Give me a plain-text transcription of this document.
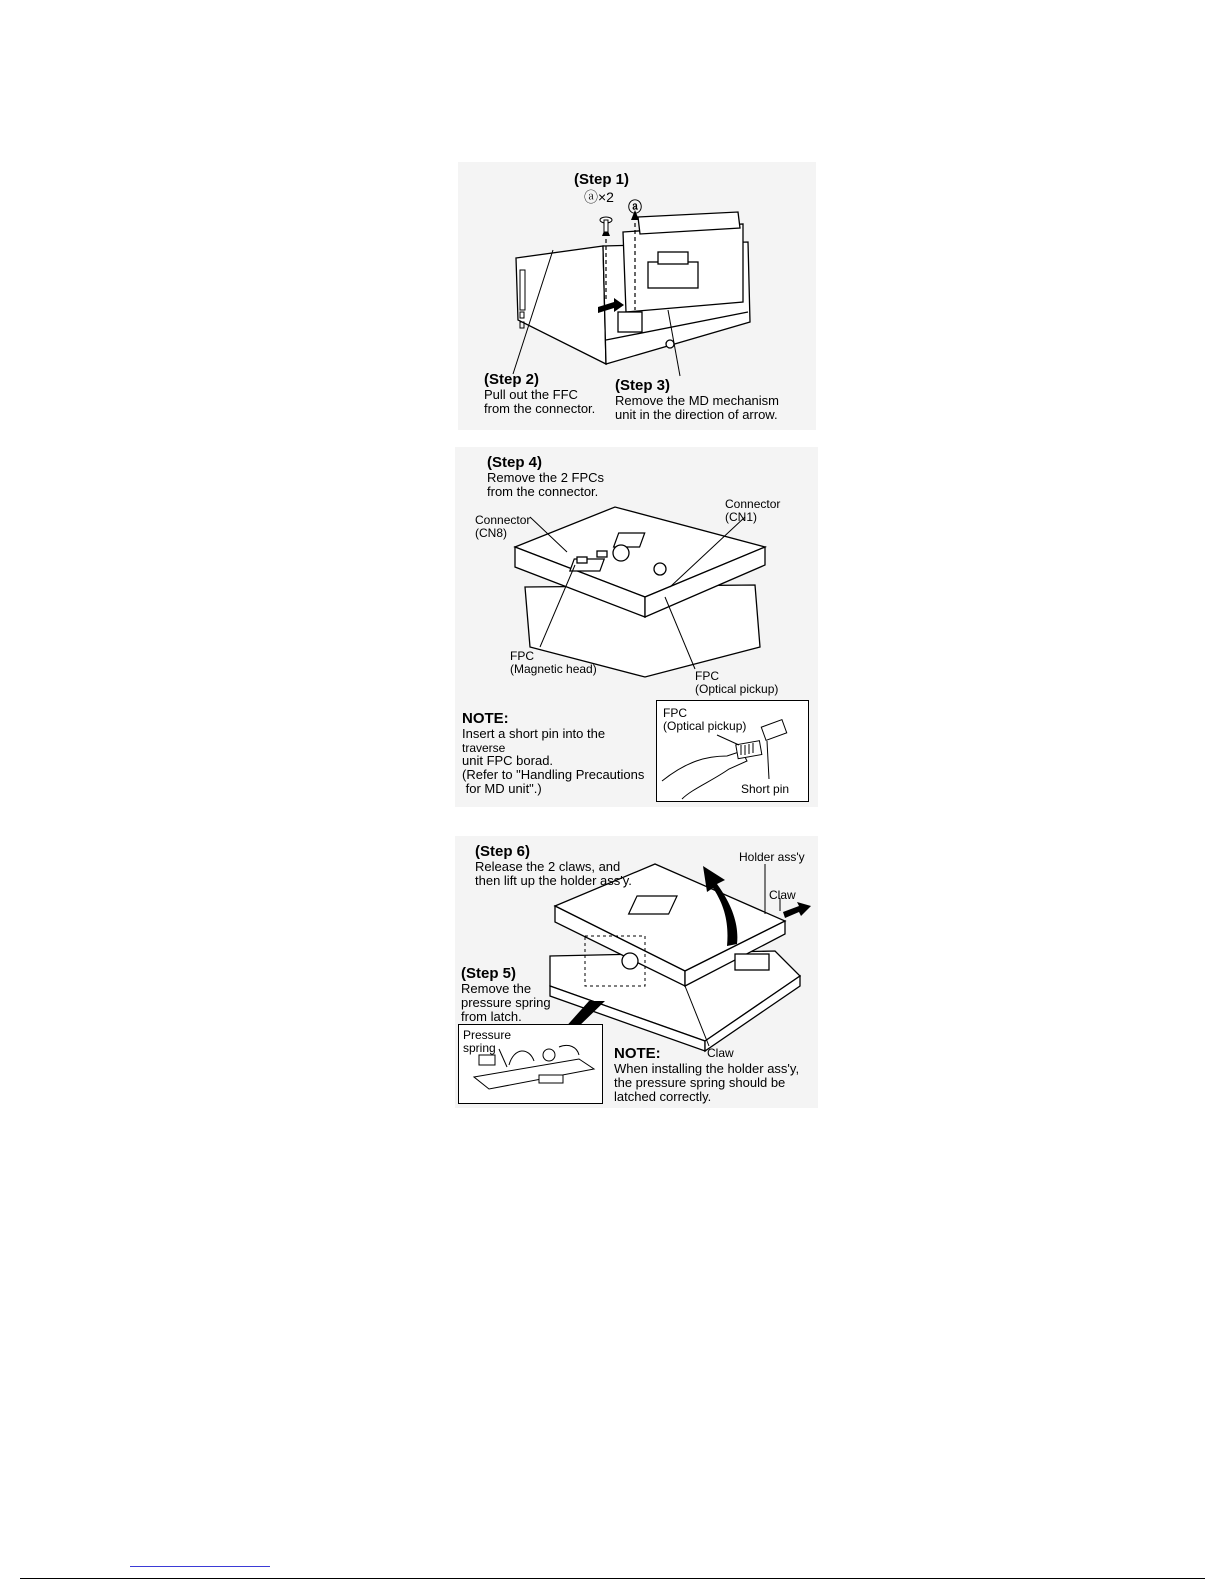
(Step 1)
ⓐ×2
ⓐ
(Step 2)
Pull out the FFC
from the connector.
(Step 3)
Remove the MD mechanism
unit in the direction of arrow.
(Step 4)
Remove the 2 FPCs
from the connector.
Connector
(CN1)
Connector
(CN8)
FPC
(Magnetic head)	FPC
(Optical pickup)
NOTE:
Insert a short pin into the
traverse
unit FPC borad.
(Refer to "Handling Precautions
for MD unit".)
FPC
(Optical pickup)
Short pin
(Step 6)
Release the 2 claws, and
then lift up the holder ass'y.
Holder ass'y
Claw
(Step 5)
Remove the
pressure spring
from latch.
Pressure
spring	Claw
NOTE:
When installing the holder ass'y,
the pressure spring should be
latched correctly.
